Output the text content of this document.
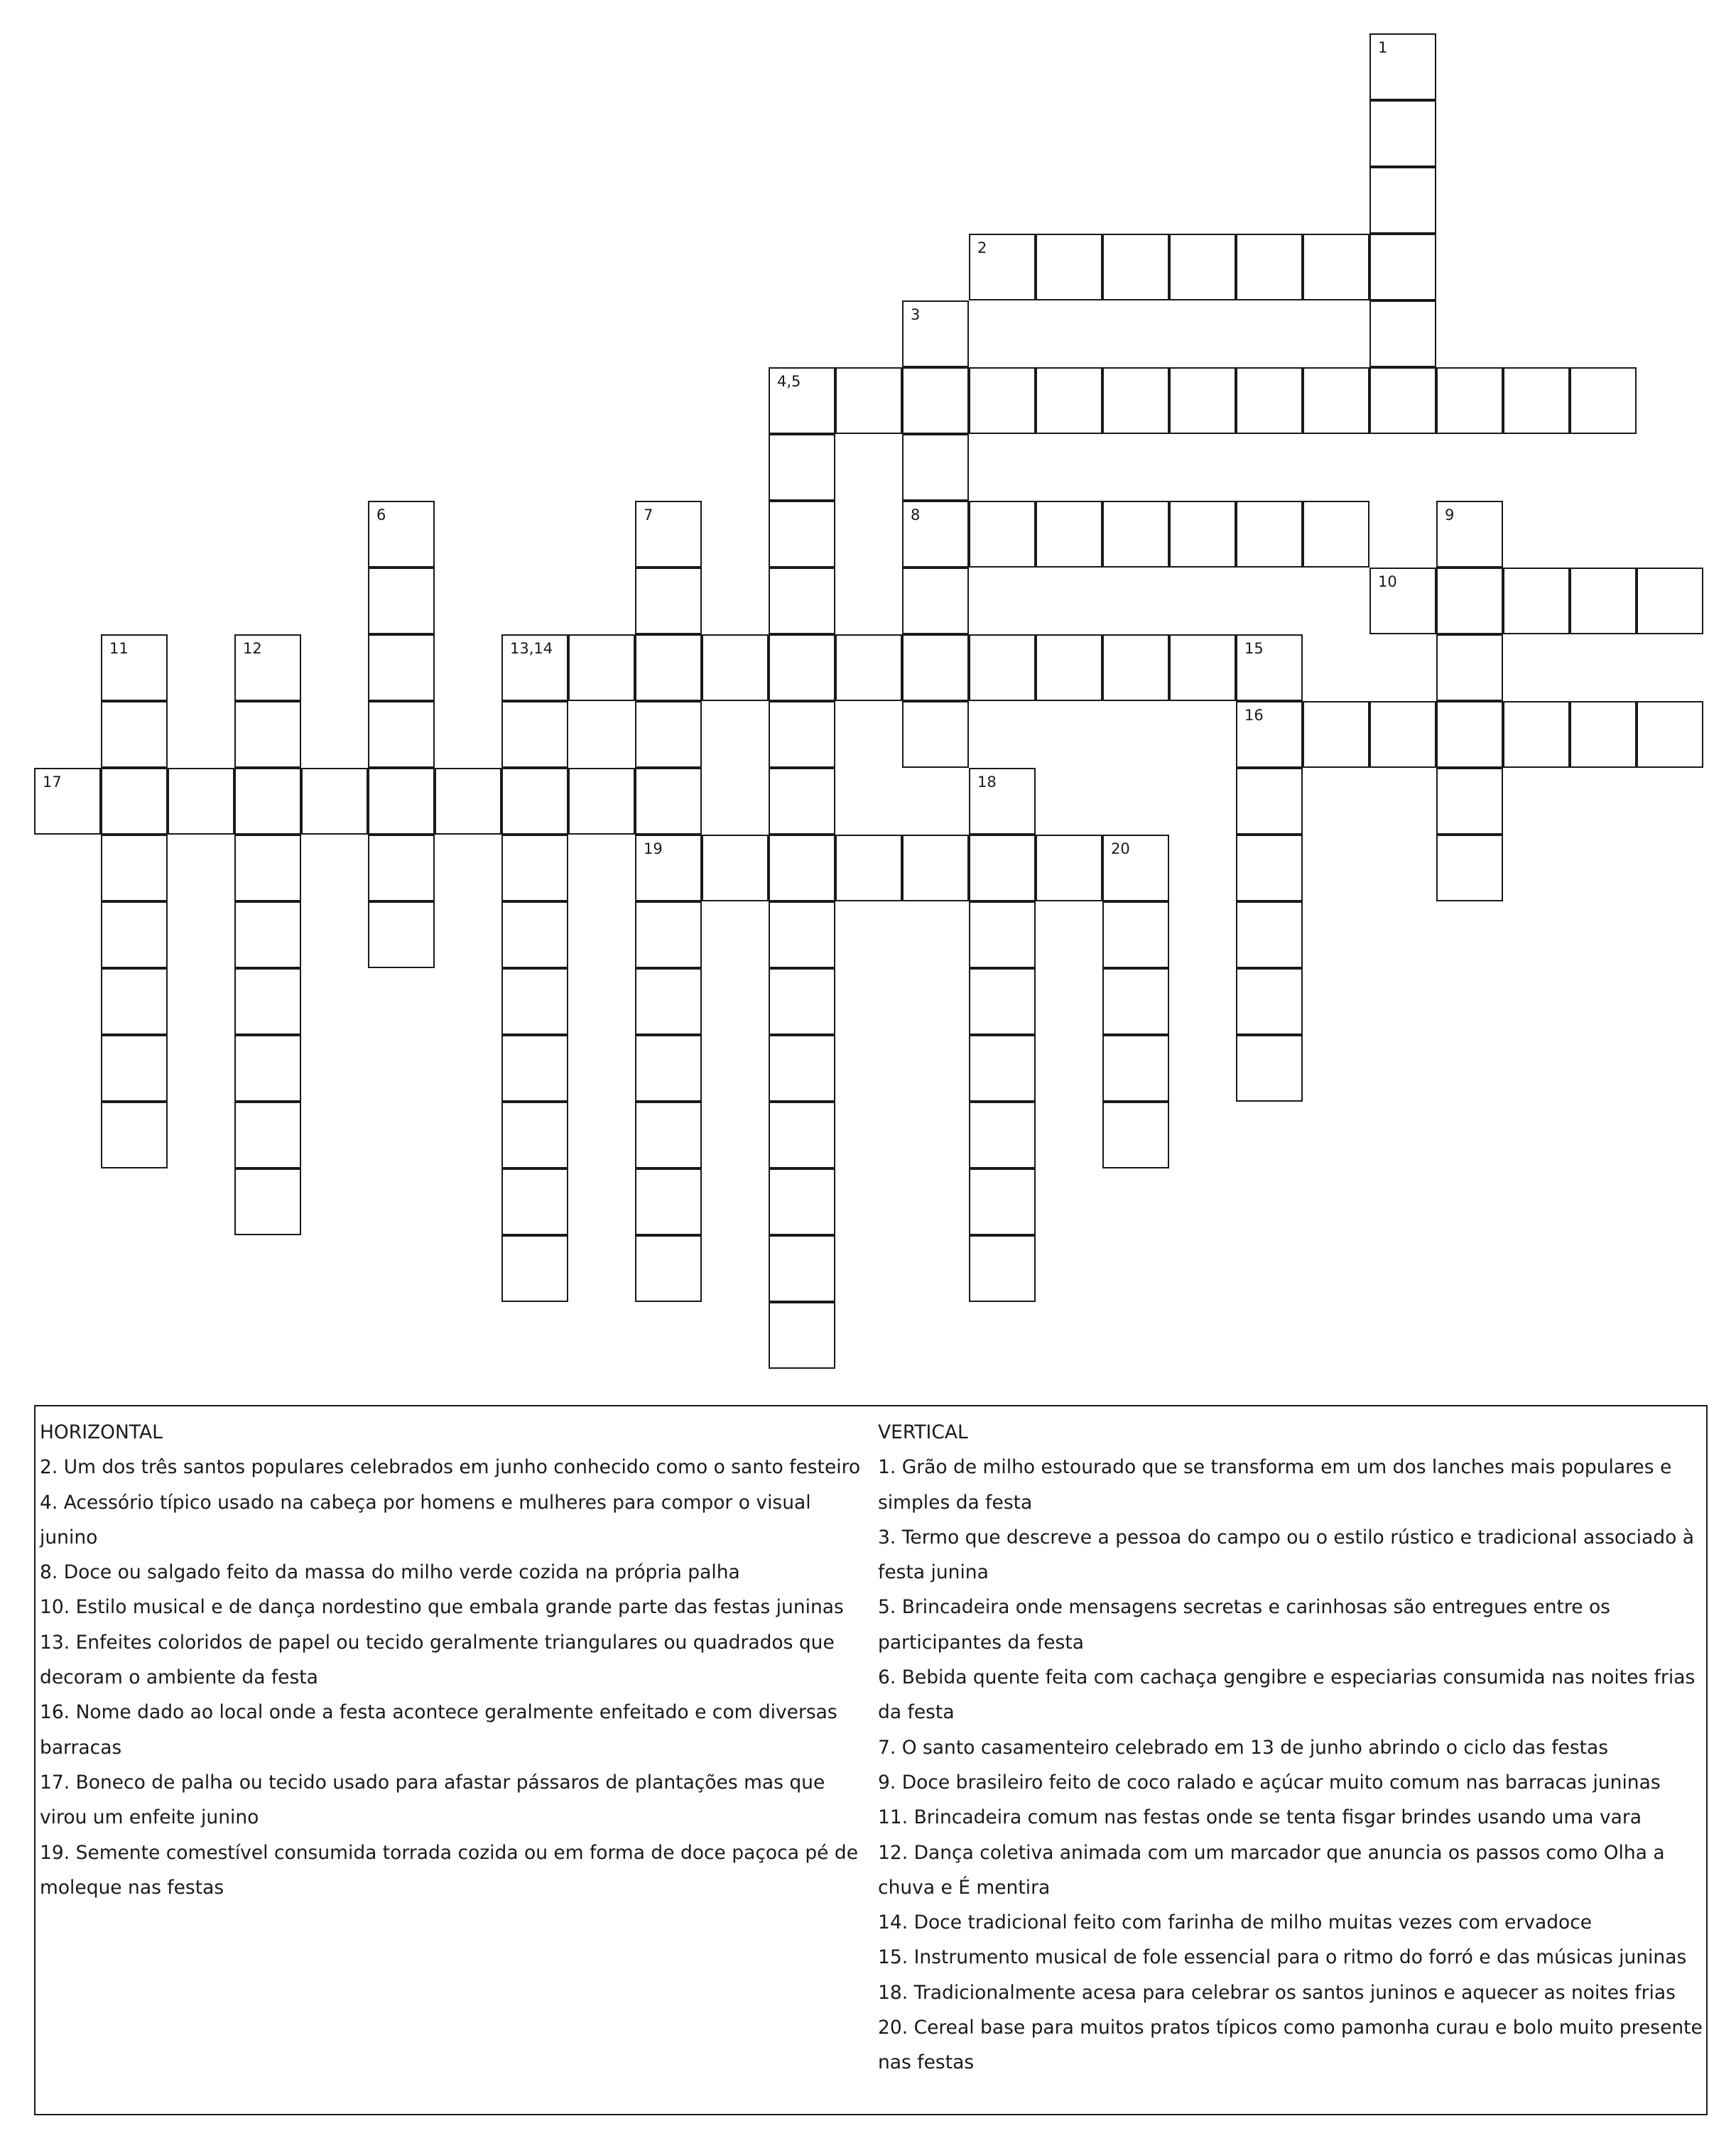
1
2
3
8
4,5
6	7
19
9
10
11	12	13,14	15
16
17	18
20
HORIZONTAL

2. Um dos três santos populares celebrados em junho conhecido como o santo festeiro

4. Acessório típico usado na cabeça por homens e mulheres para compor o visual junino

8. Doce ou salgado feito da massa do milho verde cozida na própria palha

10. Estilo musical e de dança nordestino que embala grande parte das festas juninas

13. Enfeites coloridos de papel ou tecido geralmente triangulares ou quadrados que decoram o ambiente da festa

16. Nome dado ao local onde a festa acontece geralmente enfeitado e com diversas barracas

17. Boneco de palha ou tecido usado para afastar pássaros de plantações mas que virou um enfeite junino

19. Semente comestível consumida torrada cozida ou em forma de doce paçoca pé de moleque nas festas

VERTICAL

1. Grão de milho estourado que se transforma em um dos lanches mais populares e simples da festa

3. Termo que descreve a pessoa do campo ou o estilo rústico e tradicional associado à festa junina

5. Brincadeira onde mensagens secretas e carinhosas são entregues entre os participantes da festa

6. Bebida quente feita com cachaça gengibre e especiarias consumida nas noites frias da festa

7. O santo casamenteiro celebrado em 13 de junho abrindo o ciclo das festas

9. Doce brasileiro feito de coco ralado e açúcar muito comum nas barracas juninas

11. Brincadeira comum nas festas onde se tenta fisgar brindes usando uma vara

12. Dança coletiva animada com um marcador que anuncia os passos como Olha a chuva e É mentira

14. Doce tradicional feito com farinha de milho muitas vezes com ervadoce

15. Instrumento musical de fole essencial para o ritmo do forró e das músicas juninas

18. Tradicionalmente acesa para celebrar os santos juninos e aquecer as noites frias

20. Cereal base para muitos pratos típicos como pamonha curau e bolo muito presente nas festas
